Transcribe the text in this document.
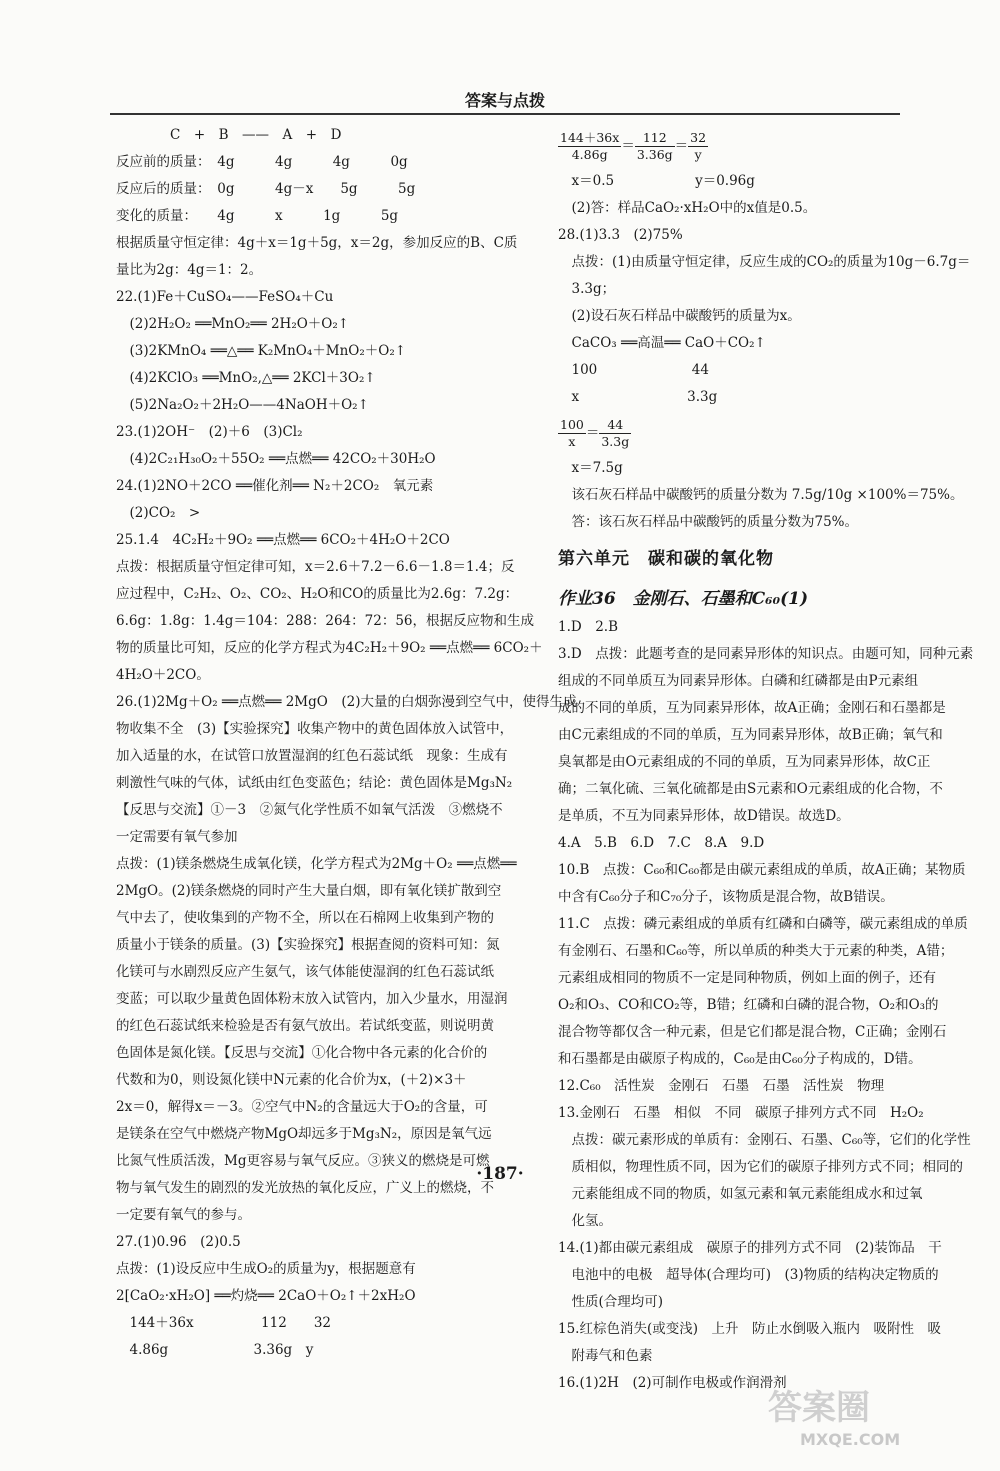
答案与点拨
　　　　C　+　B　——　A　+　D
反应前的质量：　4g　　　4g　　　4g　　　0g
反应后的质量：　0g　　　4g－x　　5g　　　5g
变化的质量：　　4g　　　x　　　1g　　　5g
根据质量守恒定律：4g＋x＝1g＋5g，x＝2g，参加反应的B、C质
量比为2g：4g＝1：2。
22.(1)Fe＋CuSO₄——FeSO₄＋Cu
　(2)2H₂O₂ ══MnO₂══ 2H₂O＋O₂↑
　(3)2KMnO₄ ══△══ K₂MnO₄＋MnO₂＋O₂↑
　(4)2KClO₃ ══MnO₂,△══ 2KCl＋3O₂↑
　(5)2Na₂O₂＋2H₂O——4NaOH＋O₂↑
23.(1)2OH⁻　(2)＋6　(3)Cl₂
　(4)2C₂₁H₃₀O₂＋55O₂ ══点燃══ 42CO₂＋30H₂O
24.(1)2NO＋2CO ══催化剂══ N₂＋2CO₂　氧元素
　(2)CO₂　>
25.1.4　4C₂H₂＋9O₂ ══点燃══ 6CO₂＋4H₂O＋2CO
点拨：根据质量守恒定律可知，x＝2.6＋7.2－6.6－1.8＝1.4；反
应过程中，C₂H₂、O₂、CO₂、H₂O和CO的质量比为2.6g：7.2g：
6.6g：1.8g：1.4g＝104：288：264：72：56，根据反应物和生成
物的质量比可知，反应的化学方程式为4C₂H₂＋9O₂ ══点燃══ 6CO₂＋
4H₂O＋2CO。
26.(1)2Mg＋O₂ ══点燃══ 2MgO　(2)大量的白烟弥漫到空气中，使得生成
物收集不全　(3)【实验探究】收集产物中的黄色固体放入试管中，
加入适量的水，在试管口放置湿润的红色石蕊试纸　现象：生成有
刺激性气味的气体，试纸由红色变蓝色；结论：黄色固体是Mg₃N₂
【反思与交流】①－3　②氮气化学性质不如氧气活泼　③燃烧不
一定需要有氧气参加
点拨：(1)镁条燃烧生成氧化镁，化学方程式为2Mg＋O₂ ══点燃══
2MgO。(2)镁条燃烧的同时产生大量白烟，即有氧化镁扩散到空
气中去了，使收集到的产物不全，所以在石棉网上收集到产物的
质量小于镁条的质量。(3)【实验探究】根据查阅的资料可知：氮
化镁可与水剧烈反应产生氨气，该气体能使湿润的红色石蕊试纸
变蓝；可以取少量黄色固体粉末放入试管内，加入少量水，用湿润
的红色石蕊试纸来检验是否有氨气放出。若试纸变蓝，则说明黄
色固体是氮化镁。【反思与交流】①化合物中各元素的化合价的
代数和为0，则设氮化镁中N元素的化合价为x，(＋2)×3＋
2x＝0，解得x＝－3。②空气中N₂的含量远大于O₂的含量，可
是镁条在空气中燃烧产物MgO却远多于Mg₃N₂，原因是氧气远
比氮气性质活泼，Mg更容易与氧气反应。③狭义的燃烧是可燃
物与氧气发生的剧烈的发光放热的氧化反应，广义上的燃烧，不
一定要有氧气的参与。
27.(1)0.96　(2)0.5
点拨：(1)设反应中生成O₂的质量为y，根据题意有
2[CaO₂·xH₂O] ══灼烧══ 2CaO＋O₂↑＋2xH₂O
　144＋36x　　　　　112　　32
　4.86g　　　　　　 3.36g　y
$\frac{144+36x}{4.86g} = \frac{112}{3.36g} = \frac{32}{y}$
　x＝0.5　　　　　　y＝0.96g
　(2)答：样品CaO₂·xH₂O中的x值是0.5。
28.(1)3.3　(2)75%
　点拨：(1)由质量守恒定律，反应生成的CO₂的质量为10g－6.7g＝
　3.3g；
　(2)设石灰石样品中碳酸钙的质量为x。
　CaCO₃ ══高温══ CaO＋CO₂↑
　100　　　　　　　44
　x　　　　　　　　3.3g
$\frac{100}{x} = \frac{44}{3.3g}$
　x＝7.5g
　该石灰石样品中碳酸钙的质量分数为 7.5g/10g ×100%＝75%。
　答：该石灰石样品中碳酸钙的质量分数为75%。
第六单元　碳和碳的氧化物
作业36　金刚石、石墨和C₆₀(1)
1.D　2.B
3.D　点拨：此题考查的是同素异形体的知识点。由题可知，同种元素
组成的不同单质互为同素异形体。白磷和红磷都是由P元素组
成的不同的单质，互为同素异形体，故A正确；金刚石和石墨都是
由C元素组成的不同的单质，互为同素异形体，故B正确；氧气和
臭氧都是由O元素组成的不同的单质，互为同素异形体，故C正
确；二氧化硫、三氧化硫都是由S元素和O元素组成的化合物，不
是单质，不互为同素异形体，故D错误。故选D。
4.A　5.B　6.D　7.C　8.A　9.D
10.B　点拨：C₆₀和C₆₀都是由碳元素组成的单质，故A正确；某物质
中含有C₆₀分子和C₇₀分子，该物质是混合物，故B错误。
11.C　点拨：磷元素组成的单质有红磷和白磷等，碳元素组成的单质
有金刚石、石墨和C₆₀等，所以单质的种类大于元素的种类，A错；
元素组成相同的物质不一定是同种物质，例如上面的例子，还有
O₂和O₃、CO和CO₂等，B错；红磷和白磷的混合物，O₂和O₃的
混合物等都仅含一种元素，但是它们都是混合物，C正确；金刚石
和石墨都是由碳原子构成的，C₆₀是由C₆₀分子构成的，D错。
12.C₆₀　活性炭　金刚石　石墨　石墨　活性炭　物理
13.金刚石　石墨　相似　不同　碳原子排列方式不同　H₂O₂
　点拨：碳元素形成的单质有：金刚石、石墨、C₆₀等，它们的化学性
　质相似，物理性质不同，因为它们的碳原子排列方式不同；相同的
　元素能组成不同的物质，如氢元素和氧元素能组成水和过氧
　化氢。
14.(1)都由碳元素组成　碳原子的排列方式不同　(2)装饰品　干
　电池中的电极　超导体(合理均可)　(3)物质的结构决定物质的
　性质(合理均可)
15.红棕色消失(或变浅)　上升　防止水倒吸入瓶内　吸附性　吸
　附毒气和色素
16.(1)2H　(2)可制作电极或作润滑剂
·187·
答案圈
MXQE.COM
